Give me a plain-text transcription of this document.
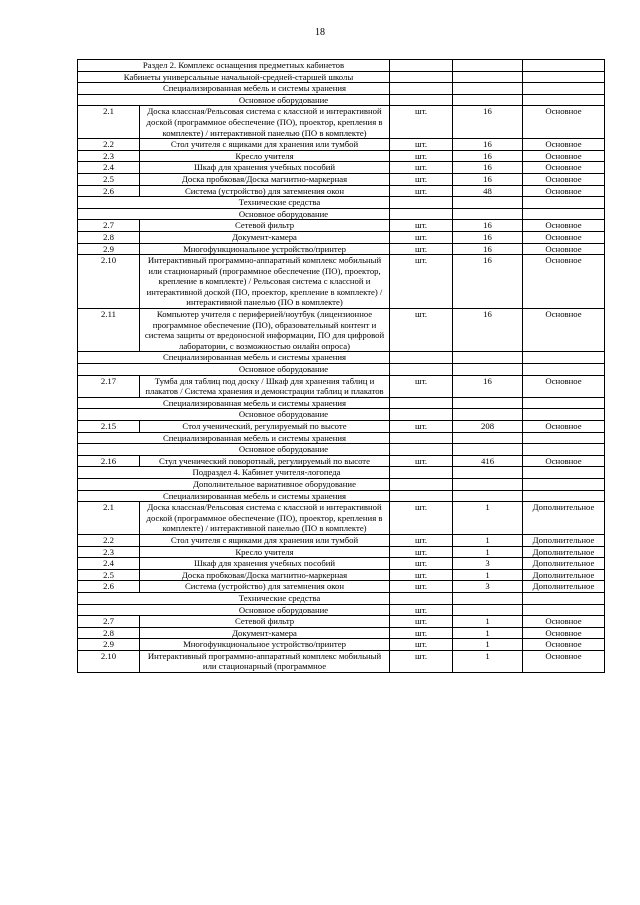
18
Раздел 2. Комплекс оснащения предметных кабинетов				
Кабинеты универсальные начальной-средней-старшей школы				
Специализированная мебель и системы хранения				
Основное оборудование				
2.1	Доска классная/Рельсовая система с классной и интерактивной доской (программное обеспечение (ПО), проектор, крепления в комплекте) / интерактивной панелью (ПО в комплекте)	шт.	16	Основное
2.2	Стол учителя с ящиками для хранения или тумбой	шт.	16	Основное
2.3	Кресло учителя	шт.	16	Основное
2.4	Шкаф для хранения учебных пособий	шт.	16	Основное
2.5	Доска пробковая/Доска магнитно-маркерная	шт.	16	Основное
2.6	Система (устройство) для затемнения окон	шт.	48	Основное
Технические средства				
Основное оборудование				
2.7	Сетевой фильтр	шт.	16	Основное
2.8	Документ-камера	шт.	16	Основное
2.9	Многофункциональное устройство/принтер	шт.	16	Основное
2.10	Интерактивный программно-аппаратный комплекс мобильный или стационарный (программное обеспечение (ПО), проектор, крепление в комплекте) / Рельсовая система с классной и интерактивной доской (ПО, проектор, крепление в комплекте) / интерактивной панелью (ПО в комплекте)	шт.	16	Основное
2.11	Компьютер учителя с периферией/ноутбук (лицензионное программное обеспечение (ПО), образовательный контент и система защиты от вредоносной информации, ПО для цифровой лаборатории, с возможностью онлайн опроса)	шт.	16	Основное
Специализированная мебель и системы хранения				
Основное оборудование				
2.17	Тумба для таблиц под доску / Шкаф для хранения таблиц и плакатов / Система хранения и демонстрации таблиц и плакатов	шт.	16	Основное
Специализированная мебель и системы хранения				
Основное оборудование				
2.15	Стол ученический, регулируемый по высоте	шт.	208	Основное
Специализированная мебель и системы хранения				
Основное оборудование				
2.16	Стул ученический поворотный, регулируемый по высоте	шт.	416	Основное
Подраздел 4. Кабинет учителя-логопеда				
Дополнительное вариативное оборудование				
Специализированная мебель и системы хранения				
2.1	Доска классная/Рельсовая система с классной и интерактивной доской (программное обеспечение (ПО), проектор, крепления в комплекте) / интерактивной панелью (ПО в комплекте)	шт.	1	Дополнительное
2.2	Стол учителя с ящиками для хранения или тумбой	шт.	1	Дополнительное
2.3	Кресло учителя	шт.	1	Дополнительное
2.4	Шкаф для хранения учебных пособий	шт.	3	Дополнительное
2.5	Доска пробковая/Доска магнитно-маркерная	шт.	1	Дополнительное
2.6	Система (устройство) для затемнения окон	шт.	3	Дополнительное
Технические средства				
Основное оборудование		шт.		
2.7	Сетевой фильтр	шт.	1	Основное
2.8	Документ-камера	шт.	1	Основное
2.9	Многофункциональное устройство/принтер	шт.	1	Основное
2.10	Интерактивный программно-аппаратный комплекс мобильный или стационарный (программное	шт.	1	Основное
